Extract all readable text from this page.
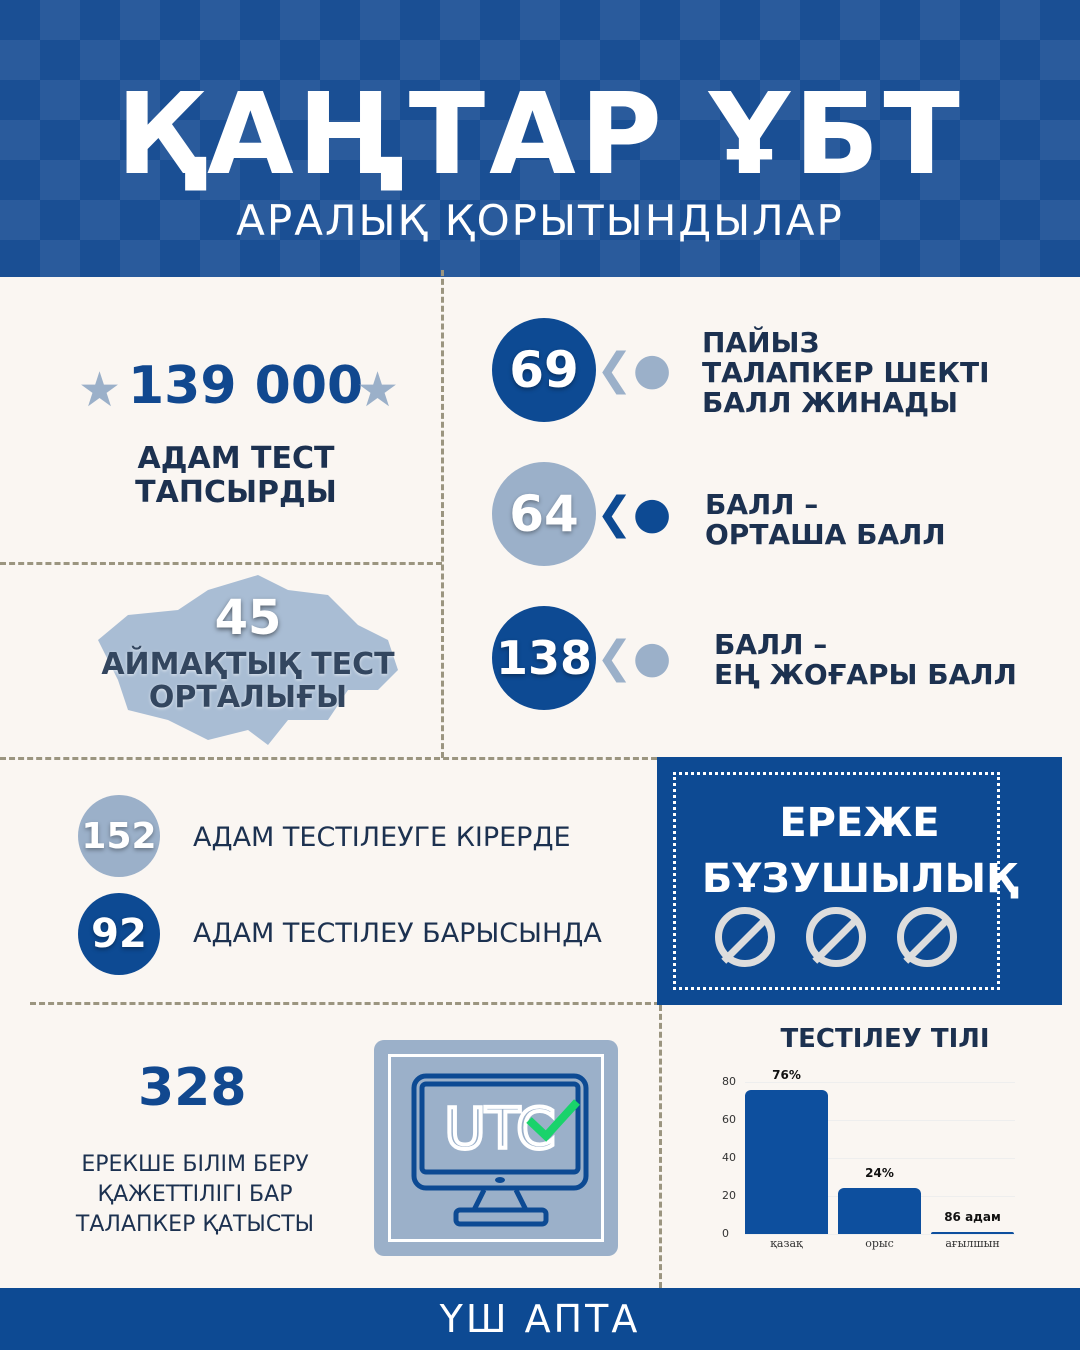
ҚАҢТАР ҰБТ
АРАЛЫҚ ҚОРЫТЫНДЫЛАР
★ 139 000
★
АДАМ ТЕСТ
ТАПСЫРДЫ
45
АЙМАҚТЫҚ ТЕСТ
ОРТАЛЫҒЫ
69 ❮●
ПАЙЫЗ
ТАЛАПКЕР ШЕКТІ
БАЛЛ ЖИНАДЫ
64 ❮● БАЛЛ –
ОРТАША БАЛЛ
138 ❮● БАЛЛ –
ЕҢ ЖОҒАРЫ БАЛЛ
152 АДАМ ТЕСТІЛЕУГЕ КІРЕРДЕ
92	АДАМ ТЕСТІЛЕУ БАРЫСЫНДА
ЕРЕЖЕ
БҰЗУШЫЛЫҚ
328
ЕРЕКШЕ БІЛІМ БЕРУ
ҚАЖЕТТІЛІГІ БАР
ТАЛАПКЕР ҚАТЫСТЫ
UTC
ТЕСТІЛЕУ ТІЛІ
0
20
40
60
80	76%
қазақ
24%
орыс
86 адам
ағылшын
ҮШ АПТА
